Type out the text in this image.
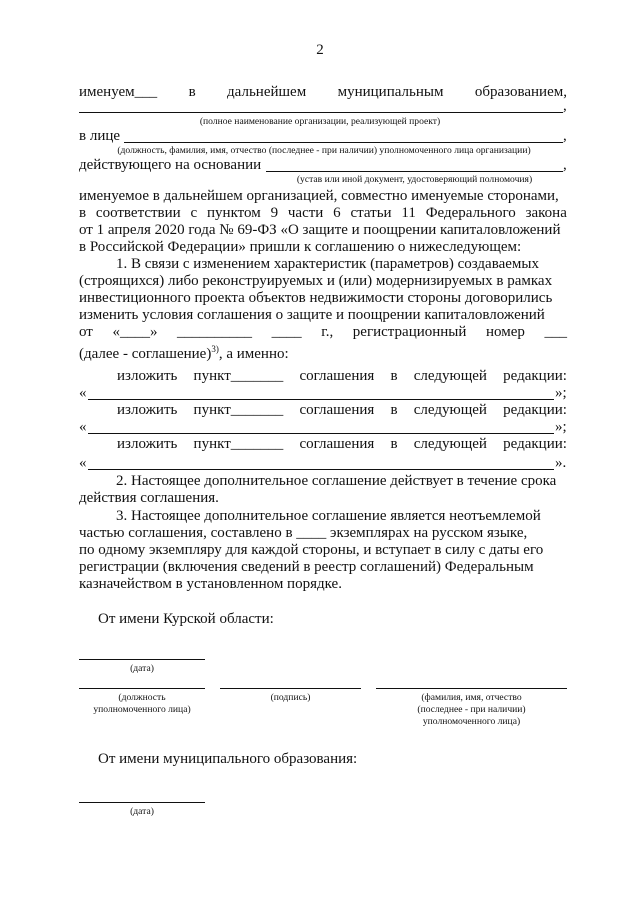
2
именуем___ в дальнейшем муниципальным образованием,
,
(полное наименование организации, реализующей проект)
в лице	,
(должность, фамилия, имя, отчество (последнее - при наличии) уполномоченного лица организации)
действующего на основании	,
(устав или иной документ, удостоверяющий полномочия)
именуемое в дальнейшем организацией, совместно именуемые сторонами,
в соответствии с пунктом 9 части 6 статьи 11 Федерального закона
от 1 апреля 2020 года № 69-ФЗ «О защите и поощрении капиталовложений
в Российской Федерации» пришли к соглашению о нижеследующем:
1. В связи с изменением характеристик (параметров) создаваемых
(строящихся) либо реконструируемых и (или) модернизируемых в рамках
инвестиционного проекта объектов недвижимости стороны договорились
изменить условия соглашения о защите и поощрении капиталовложений
от «____» __________ ____ г., регистрационный номер ___
(далее - соглашение)$^{3)}$, а именно:
изложить пункт_______ соглашения в следующей редакции:
«	»;
изложить пункт_______ соглашения в следующей редакции:
«	»;
изложить пункт_______ соглашения в следующей редакции:
«	».
2. Настоящее дополнительное соглашение действует в течение срока
действия соглашения.
3. Настоящее дополнительное соглашение является неотъемлемой
частью соглашения, составлено в ____ экземплярах на русском языке,
по одному экземпляру для каждой стороны, и вступает в силу с даты его
регистрации (включения сведений в реестр соглашений) Федеральным
казначейством в установленном порядке.
От имени Курской области:
(дата)
(должность
уполномоченного лица)
(подпись)	(фамилия, имя, отчество
(последнее - при наличии)
уполномоченного лица)
От имени муниципального образования:
(дата)
